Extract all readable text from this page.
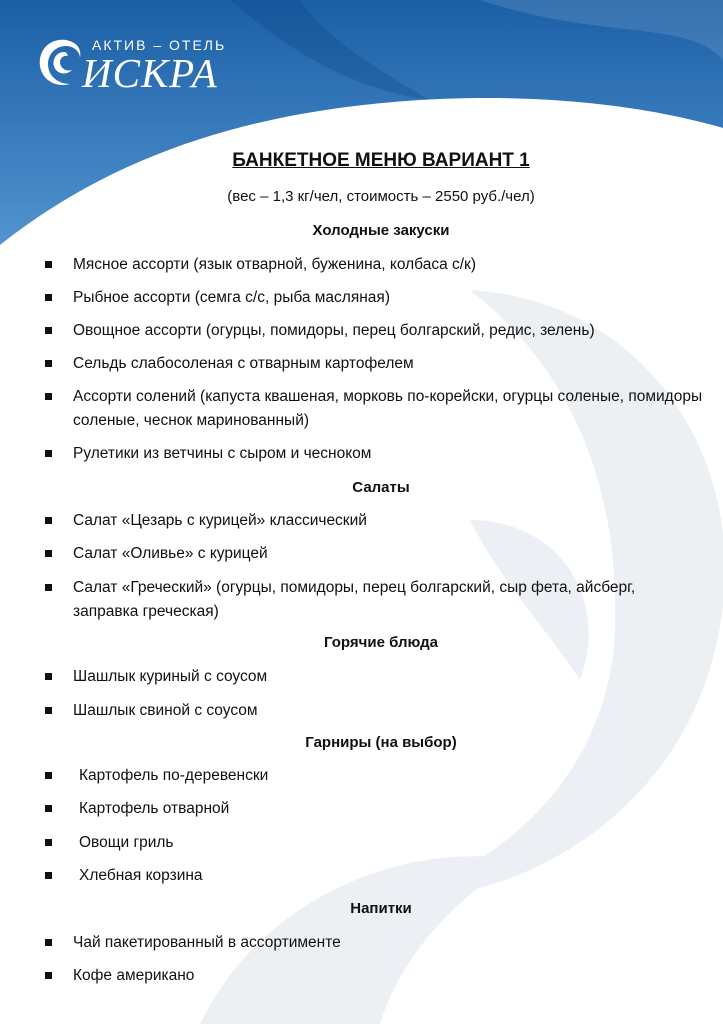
АКТИВ – ОТЕЛЬ
ИСКРА
БАНКЕТНОЕ МЕНЮ ВАРИАНТ 1
(вес – 1,3 кг/чел, стоимость – 2550 руб./чел)
Холодные закуски
Мясное ассорти (язык отварной, буженина, колбаса с/к)
Рыбное ассорти (семга с/с, рыба масляная)
Овощное ассорти (огурцы, помидоры, перец болгарский, редис, зелень)
Сельдь слабосоленая с отварным картофелем
Ассорти солений (капуста квашеная, морковь по-корейски, огурцы соленые, помидоры соленые, чеснок маринованный)
Рулетики из ветчины с сыром и чесноком
Салаты
Салат «Цезарь с курицей» классический
Салат «Оливье» с курицей
Салат «Греческий» (огурцы, помидоры, перец болгарский, сыр фета, айсберг, заправка греческая)
Горячие блюда
Шашлык куриный с соусом
Шашлык свиной с соусом
Гарниры (на выбор)
Картофель по-деревенски
Картофель отварной
Овощи гриль
Хлебная корзина
Напитки
Чай пакетированный в ассортименте
Кофе американо
